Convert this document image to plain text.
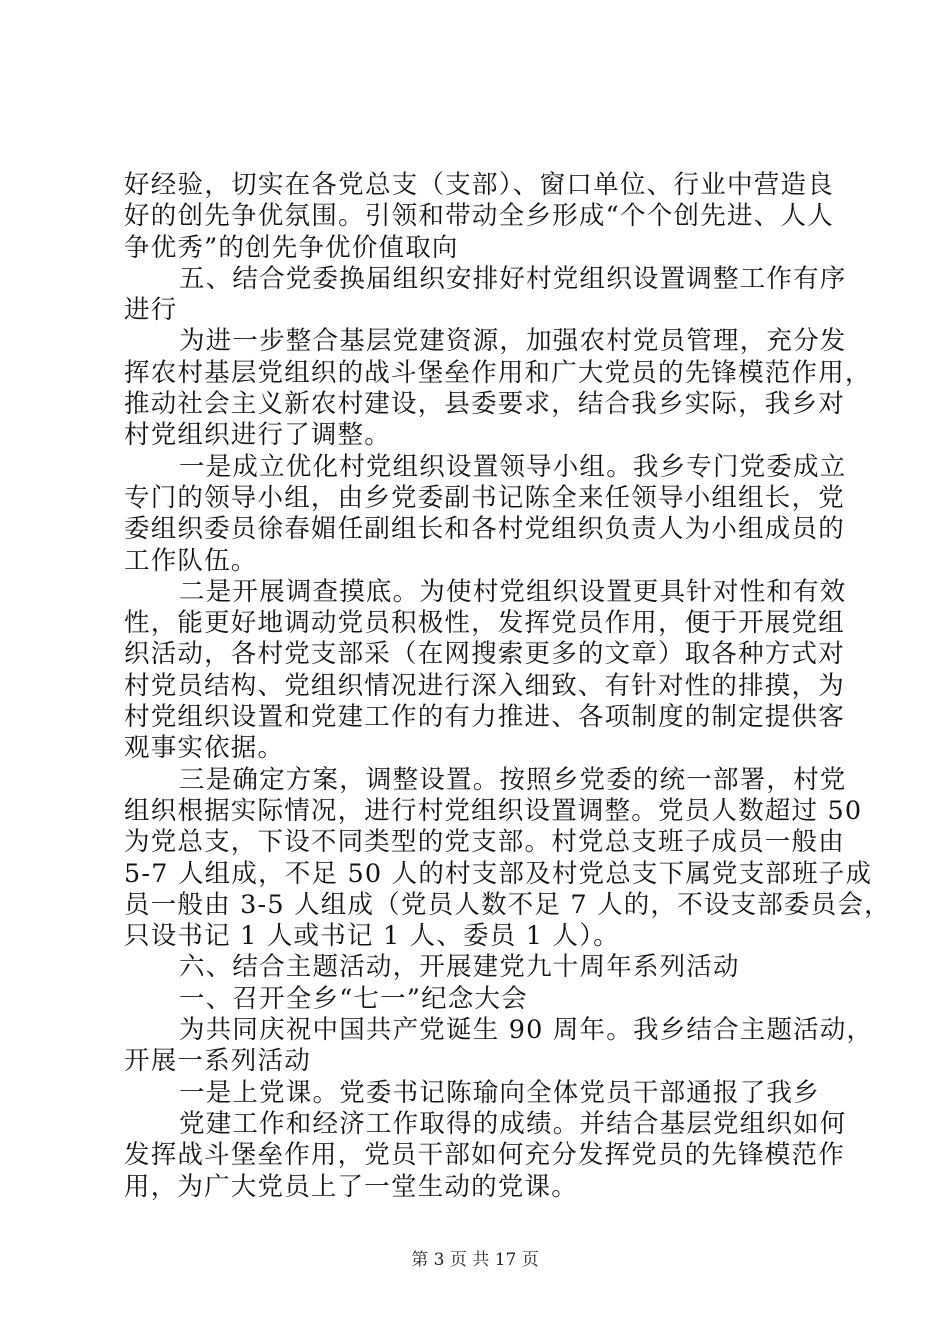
好经验，切实在各党总支（支部）、窗口单位、行业中营造良
好的创先争优氛围。引领和带动全乡形成“个个创先进、人人
争优秀”的创先争优价值取向
五、结合党委换届组织安排好村党组织设置调整工作有序
进行
为进一步整合基层党建资源，加强农村党员管理，充分发
挥农村基层党组织的战斗堡垒作用和广大党员的先锋模范作用，
推动社会主义新农村建设，县委要求，结合我乡实际，我乡对
村党组织进行了调整。
一是成立优化村党组织设置领导小组。我乡专门党委成立
专门的领导小组，由乡党委副书记陈全来任领导小组组长，党
委组织委员徐春媚任副组长和各村党组织负责人为小组成员的
工作队伍。
二是开展调查摸底。为使村党组织设置更具针对性和有效
性，能更好地调动党员积极性，发挥党员作用，便于开展党组
织活动，各村党支部采（在网搜索更多的文章）取各种方式对
村党员结构、党组织情况进行深入细致、有针对性的排摸，为
村党组织设置和党建工作的有力推进、各项制度的制定提供客
观事实依据。
三是确定方案，调整设置。按照乡党委的统一部署，村党
组织根据实际情况，进行村党组织设置调整。党员人数超过 50
为党总支，下设不同类型的党支部。村党总支班子成员一般由
5-7 人组成，不足 50 人的村支部及村党总支下属党支部班子成
员一般由 3-5 人组成（党员人数不足 7 人的，不设支部委员会，
只设书记 1 人或书记 1 人、委员 1 人）。
六、结合主题活动，开展建党九十周年系列活动
一、召开全乡“七一”纪念大会
为共同庆祝中国共产党诞生 90 周年。我乡结合主题活动，
开展一系列活动
一是上党课。党委书记陈瑜向全体党员干部通报了我乡
党建工作和经济工作取得的成绩。并结合基层党组织如何
发挥战斗堡垒作用，党员干部如何充分发挥党员的先锋模范作
用，为广大党员上了一堂生动的党课。
第 3 页 共 17 页
